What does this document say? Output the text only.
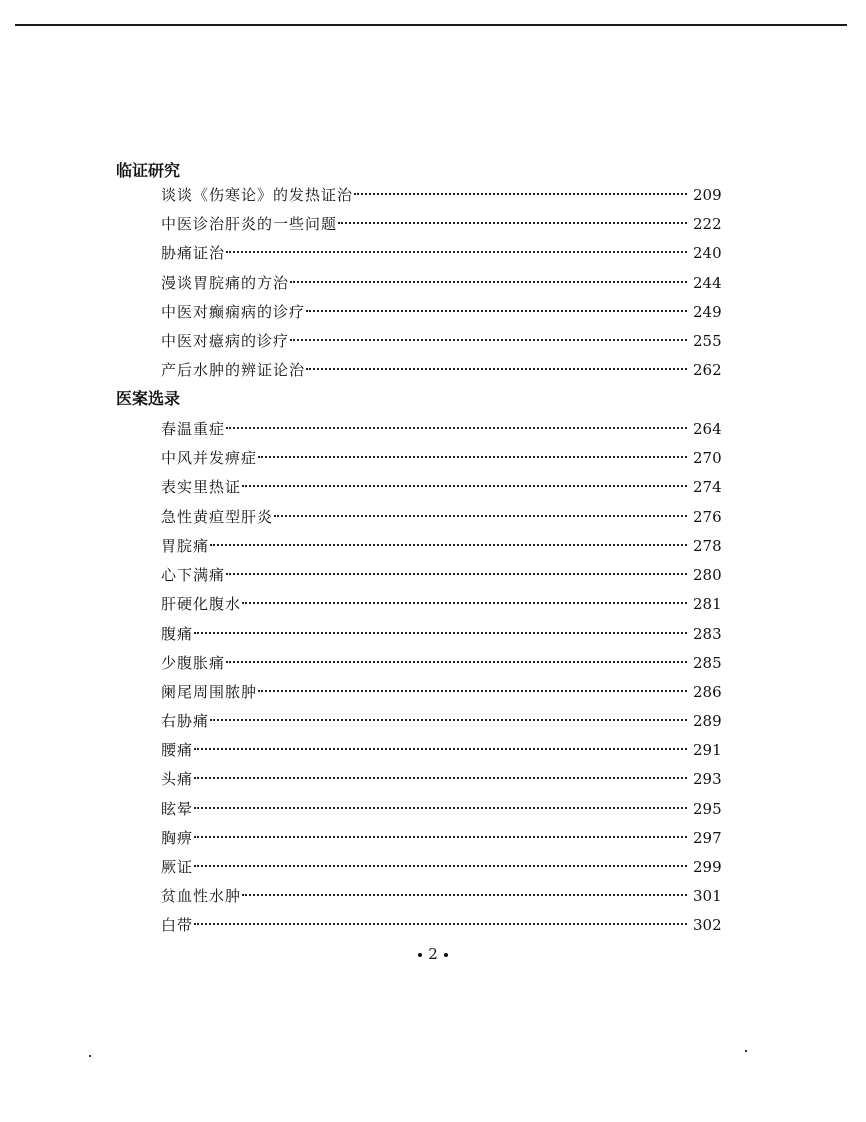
临证研究
谈谈《伤寒论》的发热证治	209
中医诊治肝炎的一些问题	222
胁痛证治	240
漫谈胃脘痛的方治	244
中医对癫痫病的诊疗	249
中医对癔病的诊疗	255
产后水肿的辨证论治	262
医案选录
春温重症	264
中风并发痹症	270
表实里热证	274
急性黄疸型肝炎	276
胃脘痛	278
心下满痛	280
肝硬化腹水	281
腹痛	283
少腹胀痛	285
阑尾周围脓肿	286
右胁痛	289
腰痛	291
头痛	293
眩晕	295
胸痹	297
厥证	299
贫血性水肿	301
白带	302
2
